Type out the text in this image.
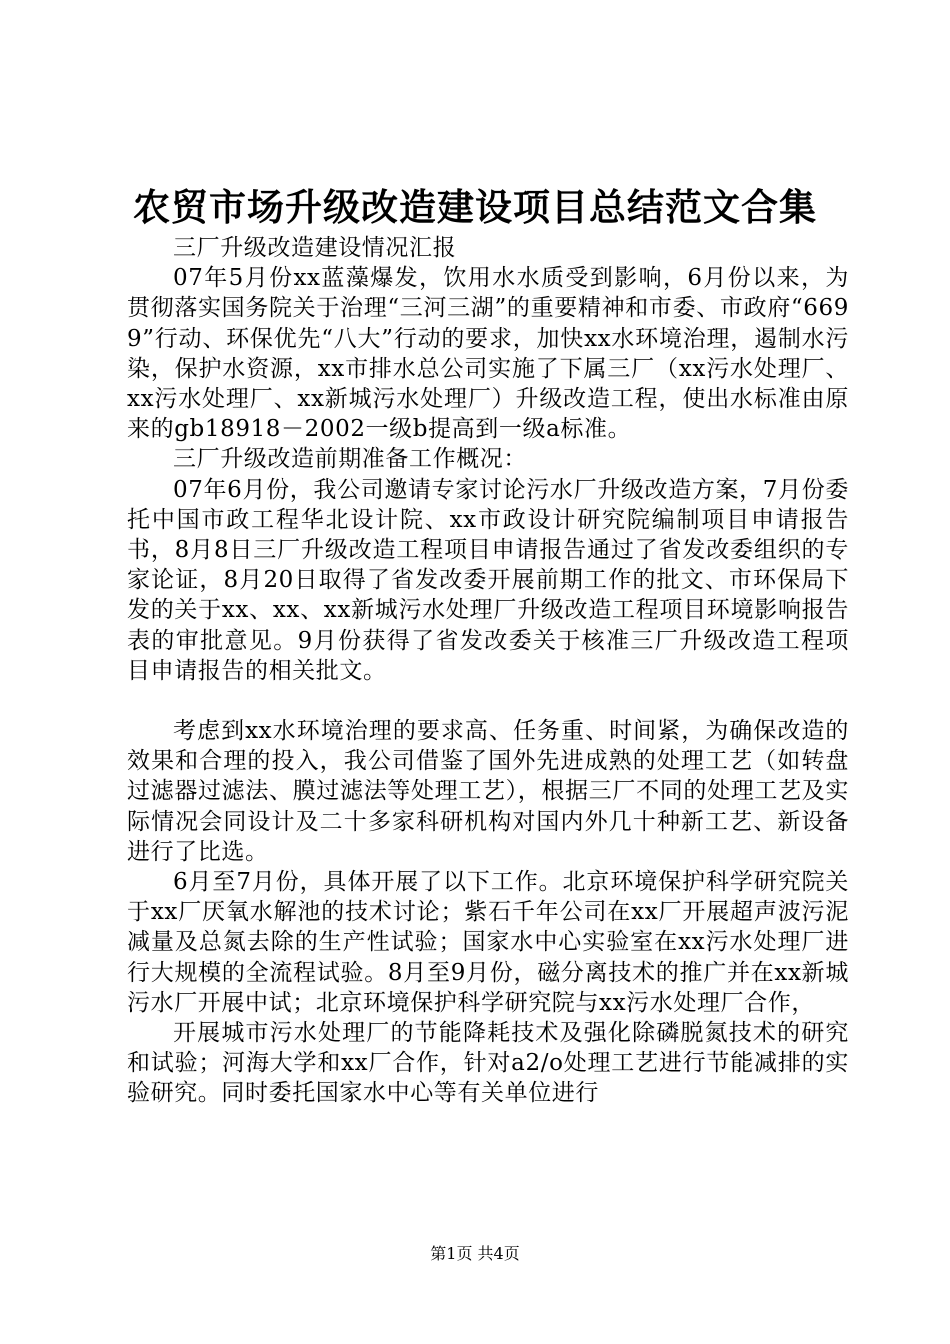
农贸市场升级改造建设项目总结范文合集

三厂升级改造建设情况汇报

07年5月份xx蓝藻爆发，饮用水水质受到影响，6月份以来，为贯彻落实国务院关于治理“三河三湖”的重要精神和市委、市政府“6699”行动、环保优先“八大”行动的要求，加快xx水环境治理，遏制水污染，保护水资源，xx市排水总公司实施了下属三厂（xx污水处理厂、xx污水处理厂、xx新城污水处理厂）升级改造工程，使出水标准由原来的gb18918－2002一级b提高到一级a标准。

三厂升级改造前期准备工作概况：

07年6月份，我公司邀请专家讨论污水厂升级改造方案，7月份委托中国市政工程华北设计院、xx市政设计研究院编制项目申请报告书，8月8日三厂升级改造工程项目申请报告通过了省发改委组织的专家论证，8月20日取得了省发改委开展前期工作的批文、市环保局下发的关于xx、xx、xx新城污水处理厂升级改造工程项目环境影响报告表的审批意见。9月份获得了省发改委关于核准三厂升级改造工程项目申请报告的相关批文。

考虑到xx水环境治理的要求高、任务重、时间紧，为确保改造的效果和合理的投入，我公司借鉴了国外先进成熟的处理工艺（如转盘过滤器过滤法、膜过滤法等处理工艺），根据三厂不同的处理工艺及实际情况会同设计及二十多家科研机构对国内外几十种新工艺、新设备进行了比选。

6月至7月份，具体开展了以下工作。北京环境保护科学研究院关于xx厂厌氧水解池的技术讨论；紫石千年公司在xx厂开展超声波污泥减量及总氮去除的生产性试验；国家水中心实验室在xx污水处理厂进行大规模的全流程试验。8月至9月份，磁分离技术的推广并在xx新城污水厂开展中试；北京环境保护科学研究院与xx污水处理厂合作，

开展城市污水处理厂的节能降耗技术及强化除磷脱氮技术的研究和试验；河海大学和xx厂合作，针对a2/o处理工艺进行节能减排的实验研究。同时委托国家水中心等有关单位进行

第1页 共4页
